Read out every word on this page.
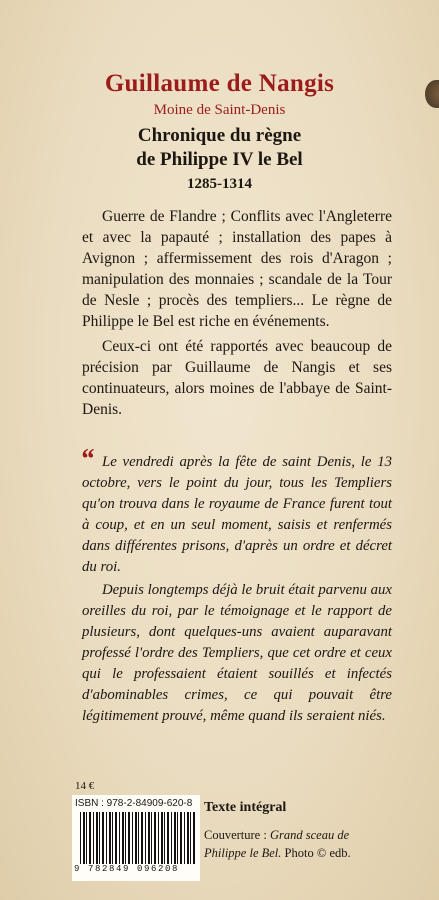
Guillaume de Nangis
Moine de Saint-Denis
Chronique du règne
de Philippe IV le Bel
1285-1314

Guerre de Flandre ; Conflits avec l'Angleterre et avec la papauté ; installation des papes à Avignon ; affermissement des rois d'Aragon ; manipulation des monnaies ; scandale de la Tour de Nesle ; procès des templiers... Le règne de Philippe le Bel est riche en événements.

Ceux-ci ont été rapportés avec beaucoup de précision par Guillaume de Nangis et ses continuateurs, alors moines de l'abbaye de Saint-Denis.

“ Le vendredi après la fête de saint Denis, le 13 octobre, vers le point du jour, tous les Templiers qu'on trouva dans le royaume de France furent tout à coup, et en un seul moment, saisis et renfermés dans différentes prisons, d'après un ordre et décret du roi.

Depuis longtemps déjà le bruit était parvenu aux oreilles du roi, par le témoignage et le rapport de plusieurs, dont quelques-uns avaient auparavant professé l'ordre des Templiers, que cet ordre et ceux qui le professaient étaient souillés et infectés d'abominables crimes, ce qui pouvait être légitimement prouvé, même quand ils seraient niés.

14 €
ISBN : 978-2-84909-620-8
9 782849 096208
Texte intégral
Couverture : Grand sceau de Philippe le Bel. Photo © edb.
